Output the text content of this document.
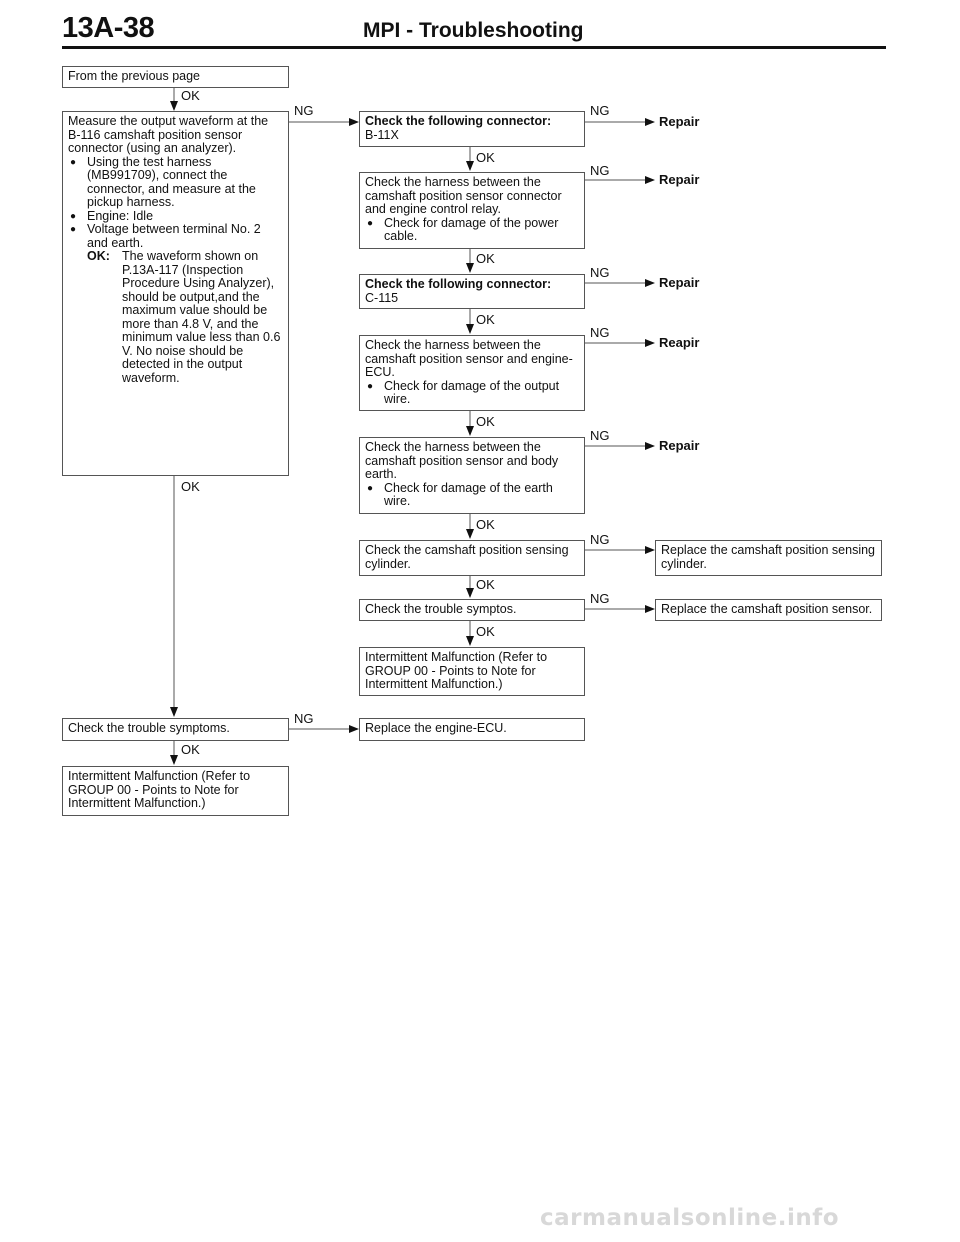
13A-38	MPI - Troubleshooting
OK
NG	NG
OK
NG
OK
NG
OK
NG
OK
NG
OK
OK
NG
OK
NG
OK
NG
OK
From the previous page
Measure the output waveform at the B-116 camshaft position sensor connector (using an analyzer).
● Using the test harness (MB991709), connect the connector, and measure at the pickup harness.
● Engine: Idle
● Voltage between terminal No. 2 and earth.
OK: The waveform shown on P.13A-117 (Inspection Procedure Using Analyzer), should be output,and the maximum value should be more than 4.8 V, and the minimum value less than 0.6 V. No noise should be detected in the output waveform.
Check the trouble symptoms.
Intermittent Malfunction (Refer to GROUP 00 - Points to Note for Intermittent Malfunction.)
Check the following connector:
B-11X
Check the harness between the camshaft position sensor connector and engine control relay.
● Check for damage of the power cable.
Check the following connector:
C-115
Check the harness between the camshaft position sensor and engine-ECU.
● Check for damage of the output wire.
Check the harness between the camshaft position sensor and body earth.
● Check for damage of the earth wire.
Check the camshaft position sensing cylinder.
Check the trouble symptos.
Intermittent Malfunction (Refer to GROUP 00 - Points to Note for Intermittent Malfunction.)
Replace the engine-ECU.
Repair
Repair
Repair
Reapir
Repair
Replace the camshaft position sensing cylinder.
Replace the camshaft position sensor.
carmanualsonline.info
